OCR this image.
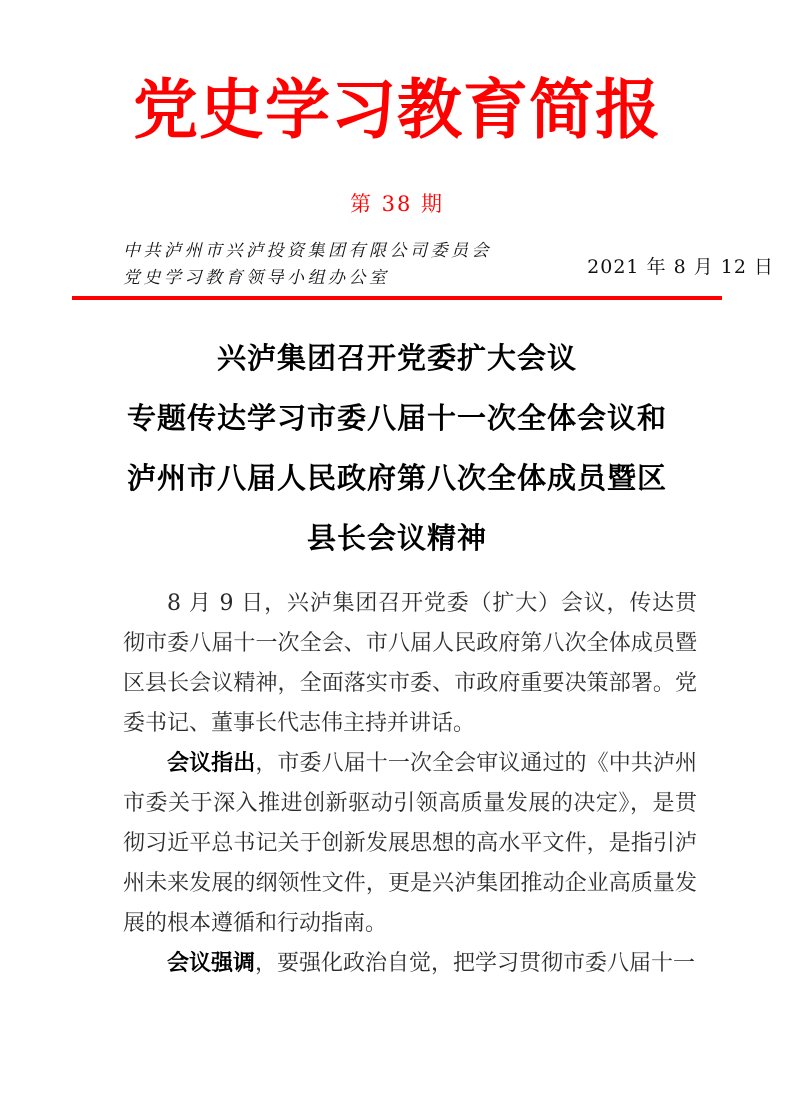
党史学习教育简报
第 38 期
中共泸州市兴泸投资集团有限公司委员会
党史学习教育领导小组办公室
2021 年 8 月 12 日
兴泸集团召开党委扩大会议
专题传达学习市委八届十一次全体会议和
泸州市八届人民政府第八次全体成员暨区
县长会议精神

8 月 9 日，兴泸集团召开党委（扩大）会议，传达贯彻市委八届十一次全会、市八届人民政府第八次全体成员暨区县长会议精神，全面落实市委、市政府重要决策部署。党委书记、董事长代志伟主持并讲话。

会议指出，市委八届十一次全会审议通过的《中共泸州市委关于深入推进创新驱动引领高质量发展的决定》，是贯彻习近平总书记关于创新发展思想的高水平文件，是指引泸州未来发展的纲领性文件，更是兴泸集团推动企业高质量发展的根本遵循和行动指南。

会议强调，要强化政治自觉，把学习贯彻市委八届十一
